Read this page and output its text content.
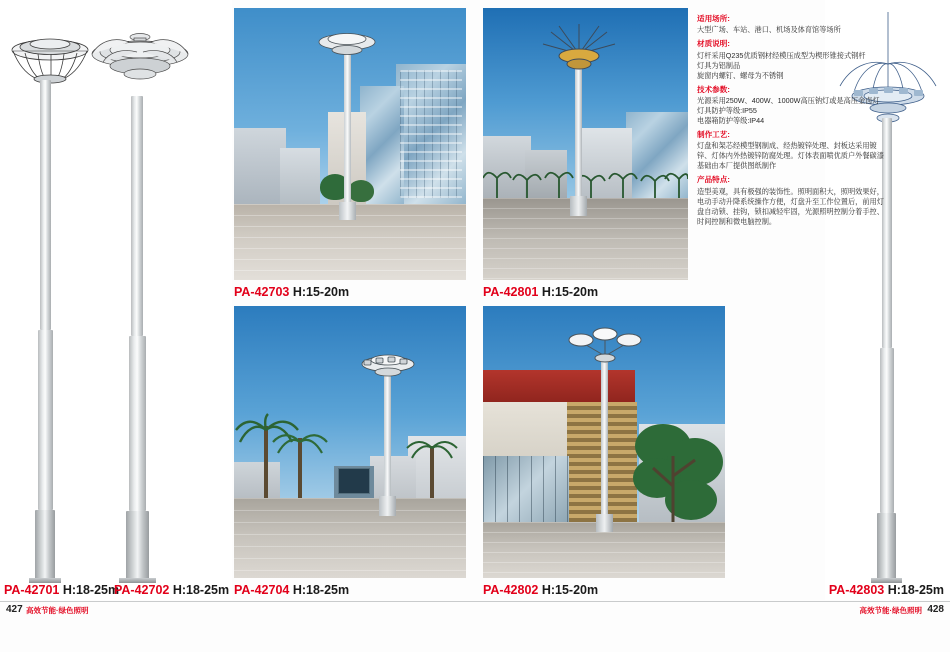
PA-42703 H:15-20m
PA-42704 H:18-25m
PA-42801 H:15-20m
PA-42802 H:15-20m
适用场所:

大型广场、车站、港口、机场及体育馆等场所

材质说明:
灯杆采用Q235优质钢材经模压成型为楔形锥接式钢杆
灯具为铝制品

旋窗内螺钉、螺母为不锈钢

技术参数:
光源采用250W、400W、1000W高压钠灯或是高压金卤灯
灯具防护等级:IP55

电器箱防护等级:IP44

制作工艺:
灯盘和架芯经模型钢制成、经热镀锌处理、封板达采用镀锌、灯体内外热镀锌防腐处理。灯体表面喷优质户外餐碳漆

基础由本厂提供图纸制作

产品特点:

造型美观，具有极强的装饰性。照明面积大，照明效果好，电动手动升降系统操作方便，灯盘升至工作位置后，前用灯盘自动锁、挂钩，锁扣减轻牢固，光源照明控制分着手控、时间控制和微电脑控制。

PA-42701 H:18-25m
PA-42702 H:18-25m	PA-42803 H:18-25m
427 高效节能·绿色照明	428
高效节能·绿色照明
